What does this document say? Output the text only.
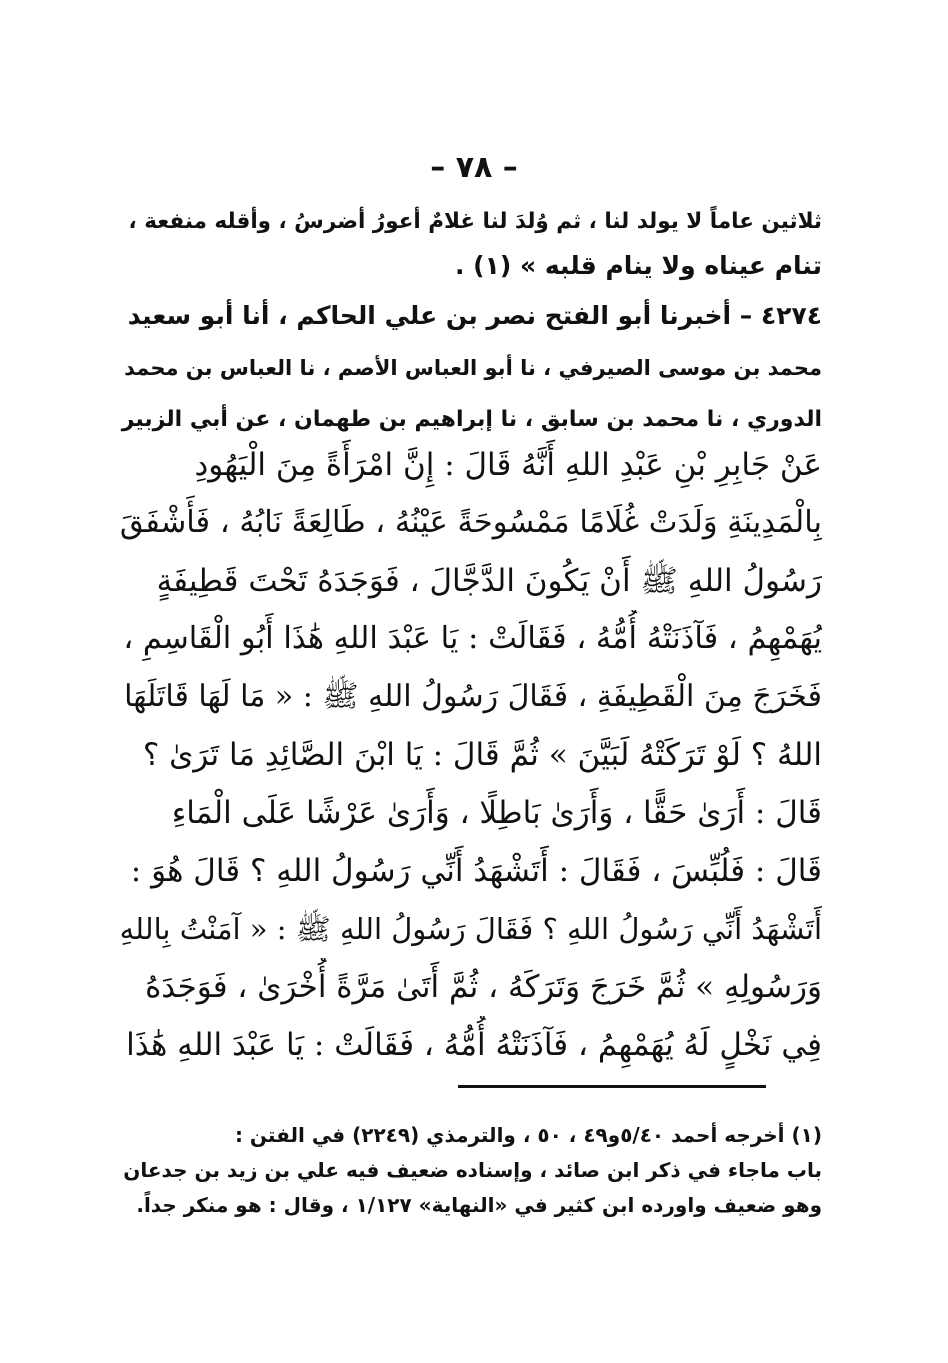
– ٧٨ –
ثلاثين عاماً لا يولد لنا ، ثم وُلدَ لنا غلامٌ أعورُ أضرسُ ، وأقله منفعة ،
تنام عيناه ولا ينام قلبه » (١) .
٤٢٧٤ – أخبرنا أبو الفتح نصر بن علي الحاكم ، أنا أبو سعيد
محمد بن موسى الصيرفي ، نا أبو العباس الأصم ، نا العباس بن محمد
الدوري ، نا محمد بن سابق ، نا إبراهيم بن طهمان ، عن أبي الزبير
عَنْ جَابِرِ بْنِ عَبْدِ اللهِ أَنَّهُ قَالَ : إِنَّ امْرَأَةً مِنَ الْيَهُودِ
بِالْمَدِينَةِ وَلَدَتْ غُلَامًا مَمْسُوحَةً عَيْنُهُ ، طَالِعَةً نَابُهُ ، فَأَشْفَقَ
رَسُولُ اللهِ ﷺ أَنْ يَكُونَ الدَّجَّالَ ، فَوَجَدَهُ تَحْتَ قَطِيفَةٍ
يُهَمْهِمُ ، فَآذَنَتْهُ أُمُّهُ ، فَقَالَتْ : يَا عَبْدَ اللهِ هَٰذَا أَبُو الْقَاسِمِ ،
فَخَرَجَ مِنَ الْقَطِيفَةِ ، فَقَالَ رَسُولُ اللهِ ﷺ : « مَا لَهَا قَاتَلَهَا
اللهُ ؟ لَوْ تَرَكَتْهُ لَبَيَّنَ » ثُمَّ قَالَ : يَا ابْنَ الصَّائِدِ مَا تَرَىٰ ؟
قَالَ : أَرَىٰ حَقًّا ، وَأَرَىٰ بَاطِلًا ، وَأَرَىٰ عَرْشًا عَلَى الْمَاءِ
قَالَ : فَلُبِّسَ ، فَقَالَ : أَتَشْهَدُ أَنِّي رَسُولُ اللهِ ؟ قَالَ هُوَ :
أَتَشْهَدُ أَنِّي رَسُولُ اللهِ ؟ فَقَالَ رَسُولُ اللهِ ﷺ : « آمَنْتُ بِاللهِ
وَرَسُولِهِ » ثُمَّ خَرَجَ وَتَرَكَهُ ، ثُمَّ أَتَىٰ مَرَّةً أُخْرَىٰ ، فَوَجَدَهُ
فِي نَخْلٍ لَهُ يُهَمْهِمُ ، فَآذَنَتْهُ أُمُّهُ ، فَقَالَتْ : يَا عَبْدَ اللهِ هَٰذَا
(١) أخرجه أحمد ٥/٤٠و٤٩ ، ٥٠ ، والترمذي (٢٢٤٩) في الفتن :
باب ماجاء في ذكر ابن صائد ، وإسناده ضعيف فيه علي بن زيد بن جدعان
وهو ضعيف واورده ابن كثير في «النهاية» ١/١٢٧ ، وقال : هو منكر جداً.
